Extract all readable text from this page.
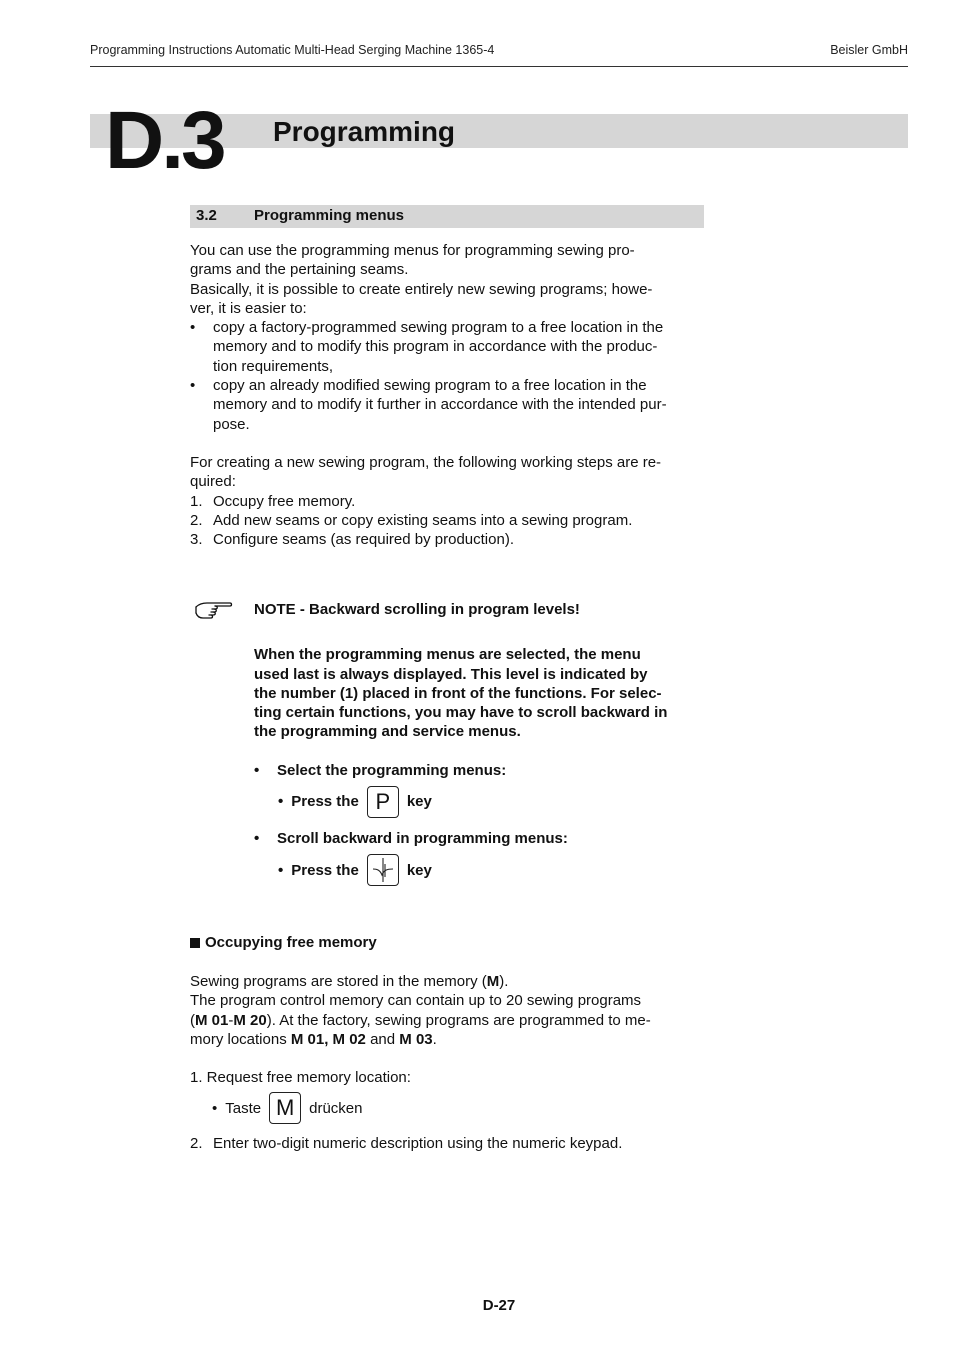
Programming Instructions Automatic Multi-Head Serging Machine 1365-4	Beisler GmbH
D.3 Programming
3.2 Programming menus

You can use the programming menus for programming sewing pro-

grams and the pertaining seams.

Basically, it is possible to create entirely new sewing programs; howe-

ver, it is easier to:

•	copy a factory-programmed sewing program to a free location in the
memory and to modify this program in accordance with the produc-
tion requirements,
•	copy an already modified sewing program to a free location in the
memory and to modify it further in accordance with the intended pur-
pose.

For creating a new sewing program, the following working steps are re-

quired:

1. Occupy free memory.
2. Add new seams or copy existing seams into a sewing program.
3. Configure seams (as required by production).
NOTE - Backward scrolling in program levels!
When the programming menus are selected, the menu
used last is always displayed. This level is indicated by
the number (1) placed in front of the functions. For selec-
ting certain functions, you may have to scroll backward in
the programming and service menus.
•	Select the programming menus:
• Press the P	key
•	Scroll backward in programming menus:
• Press the	key
Occupying free memory
Sewing programs are stored in the memory (M).
The program control memory can contain up to 20 sewing programs
(M 01-M 20). At the factory, sewing programs are programmed to me-
mory locations M 01, M 02 and M 03.
1. Request free memory location:
• Taste M drücken
2. Enter two-digit numeric description using the numeric keypad.
D-27
